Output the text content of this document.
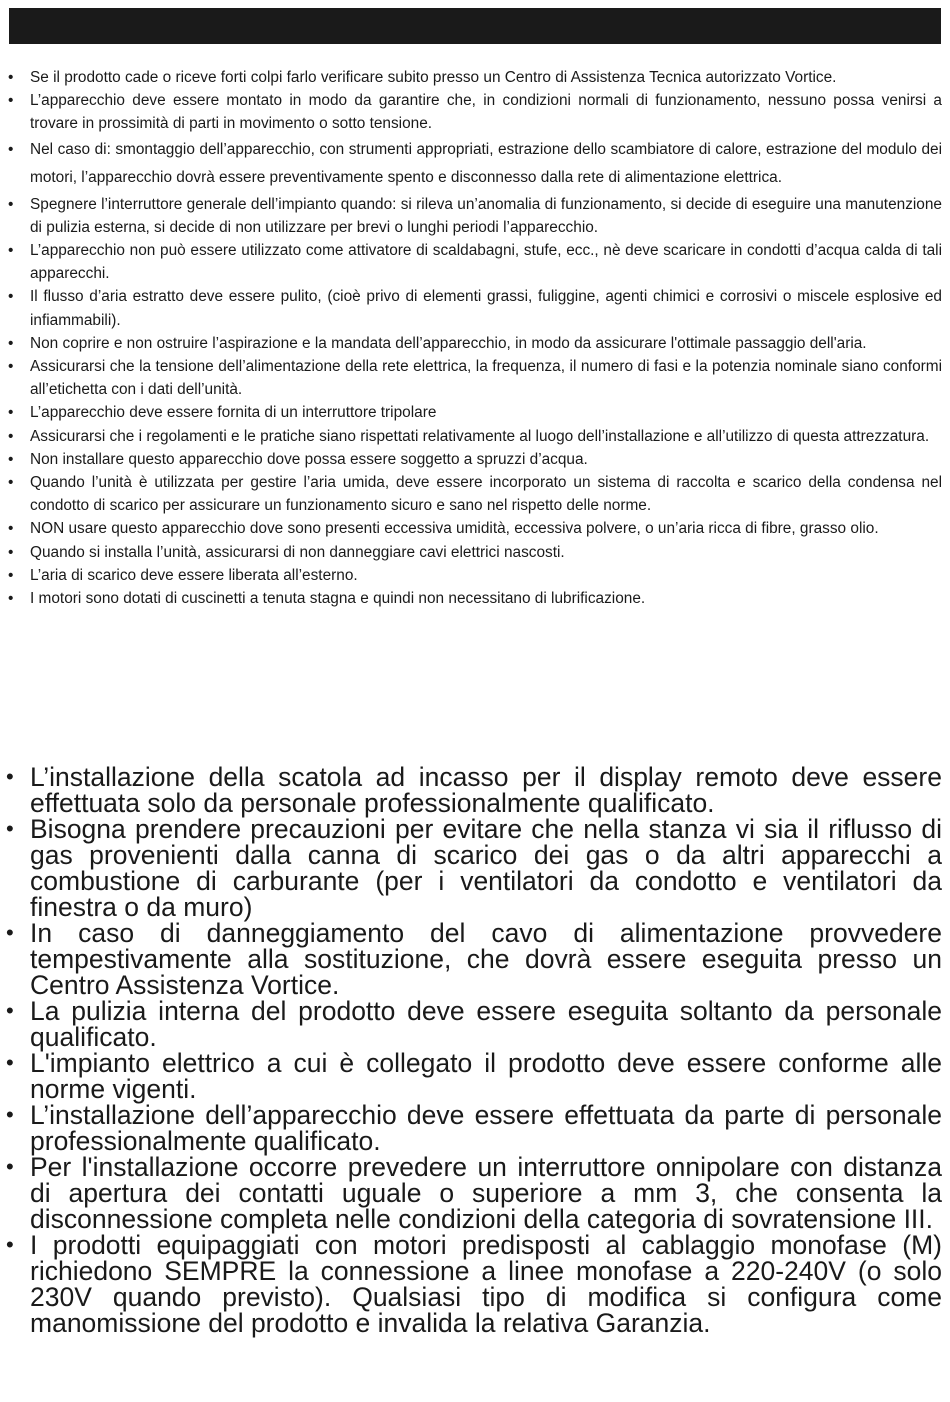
• Se il prodotto cade o riceve forti colpi farlo verificare subito presso un Centro di Assistenza Tecnica autorizzato Vortice.
• L’apparecchio deve essere montato in modo da garantire che, in condizioni normali di funzionamento, nessuno possa venirsi a trovare in prossimità di parti in movimento o sotto tensione.
• Nel caso di: smontaggio dell’apparecchio, con strumenti appropriati, estrazione dello scambiatore di calore, estrazione del modulo dei motori, l’apparecchio dovrà essere preventivamente spento e disconnesso dalla rete di alimentazione elettrica.
• Spegnere l’interruttore generale dell’impianto quando: si rileva un’anomalia di funzionamento, si decide di eseguire una manutenzione di pulizia esterna, si decide di non utilizzare per brevi o lunghi periodi l’apparecchio.
• L’apparecchio non può essere utilizzato come attivatore di scaldabagni, stufe, ecc., nè deve scaricare in condotti d’acqua calda di tali apparecchi.
• Il flusso d’aria estratto deve essere pulito, (cioè privo di elementi grassi, fuliggine, agenti chimici e corrosivi o miscele esplosive ed infiammabili).
• Non coprire e non ostruire l’aspirazione e la mandata dell’apparecchio, in modo da assicurare l'ottimale passaggio dell'aria.
• Assicurarsi che la tensione dell’alimentazione della rete elettrica, la frequenza, il numero di fasi e la potenzia nominale siano conformi all’etichetta con i dati dell’unità.
• L’apparecchio deve essere fornita di un interruttore tripolare
• Assicurarsi che i regolamenti e le pratiche siano rispettati relativamente al luogo dell’installazione e all’utilizzo di questa attrezzatura.
• Non installare questo apparecchio dove possa essere soggetto a spruzzi d’acqua.
• Quando l’unità è utilizzata per gestire l’aria umida, deve essere incorporato un sistema di raccolta e scarico della condensa nel condotto di scarico per assicurare un funzionamento sicuro e sano nel rispetto delle norme.
• NON usare questo apparecchio dove sono presenti eccessiva umidità, eccessiva polvere, o un’aria ricca di fibre, grasso olio.
• Quando si installa l’unità, assicurarsi di non danneggiare cavi elettrici nascosti.
• L’aria di scarico deve essere liberata all’esterno.
• I motori sono dotati di cuscinetti a tenuta stagna e quindi non necessitano di lubrificazione.
• L’installazione della scatola ad incasso per il display remoto deve essere effettuata solo da personale professionalmente qualificato.
• Bisogna prendere precauzioni per evitare che nella stanza vi sia il riflusso di gas provenienti dalla canna di scarico dei gas o da altri apparecchi a combustione di carburante (per i ventilatori da condotto e ventilatori da finestra o da muro)
• In caso di danneggiamento del cavo di alimentazione provvedere tempestivamente alla sostituzione, che dovrà essere eseguita presso un Centro Assistenza Vortice.
• La pulizia interna del prodotto deve essere eseguita soltanto da personale qualificato.
• L'impianto elettrico a cui è collegato il prodotto deve essere conforme alle norme vigenti.
• L’installazione dell’apparecchio deve essere effettuata da parte di personale professionalmente qualificato.
• Per l'installazione occorre prevedere un interruttore onnipolare con distanza di apertura dei contatti uguale o superiore a mm 3, che consenta la disconnessione completa nelle condizioni della categoria di sovratensione III.
• I prodotti equipaggiati con motori predisposti al cablaggio monofase (M) richiedono SEMPRE la connessione a linee monofase a 220-240V (o solo 230V quando previsto). Qualsiasi tipo di modifica si configura come manomissione del prodotto e invalida la relativa Garanzia.
